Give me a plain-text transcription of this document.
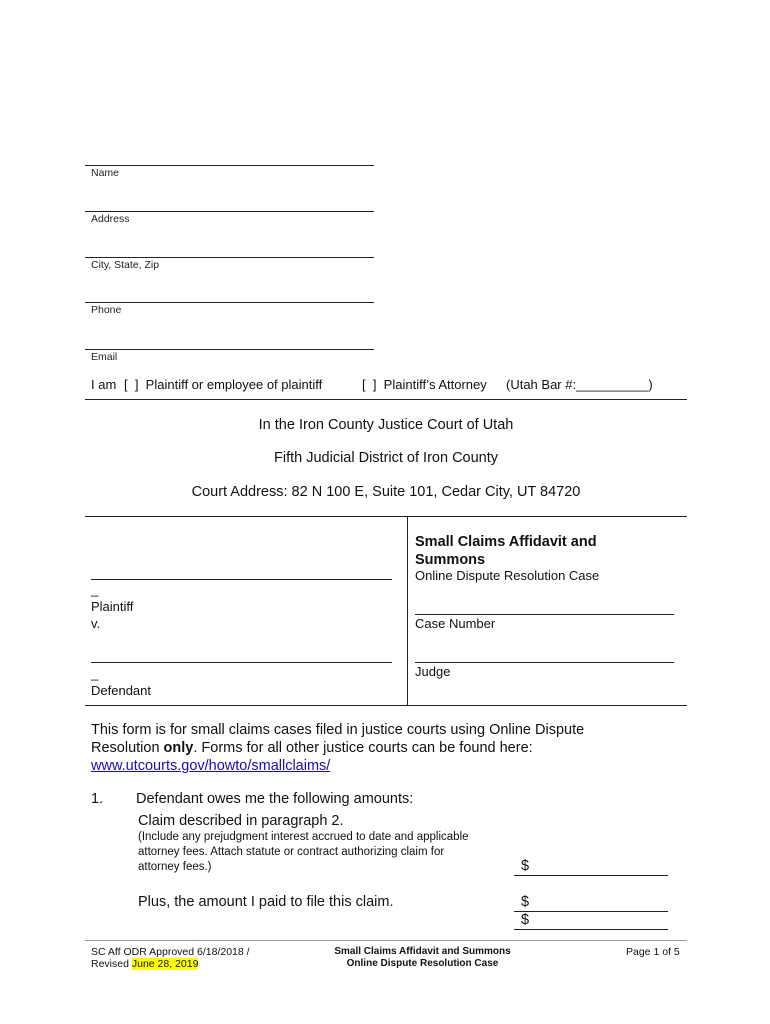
Name
Address
City, State, Zip
Phone
Email
I am [  ]  Plaintiff or employee of plaintiff	[  ]  Plaintiff’s Attorney (Utah Bar #:__________)
In the Iron County Justice Court of Utah
Fifth Judicial District of Iron County
Court Address: 82 N 100 E, Suite 101, Cedar City, UT 84720
_
Plaintiff
v.
_
Defendant
Small Claims Affidavit and Summons
Online Dispute Resolution Case
Case Number
Judge
This form is for small claims cases filed in justice courts using Online Dispute
Resolution only. Forms for all other justice courts can be found here:
www.utcourts.gov/howto/smallclaims/
1. Defendant owes me the following amounts:
Claim described in paragraph 2.
(Include any prejudgment interest accrued to date and applicable
attorney fees. Attach statute or contract authorizing claim for
attorney fees.)	$
Plus, the amount I paid to file this claim.	$
$
SC Aff ODR Approved 6/18/2018 /
Revised June 28, 2019
Small Claims Affidavit and Summons
Online Dispute Resolution Case
Page 1 of 5
